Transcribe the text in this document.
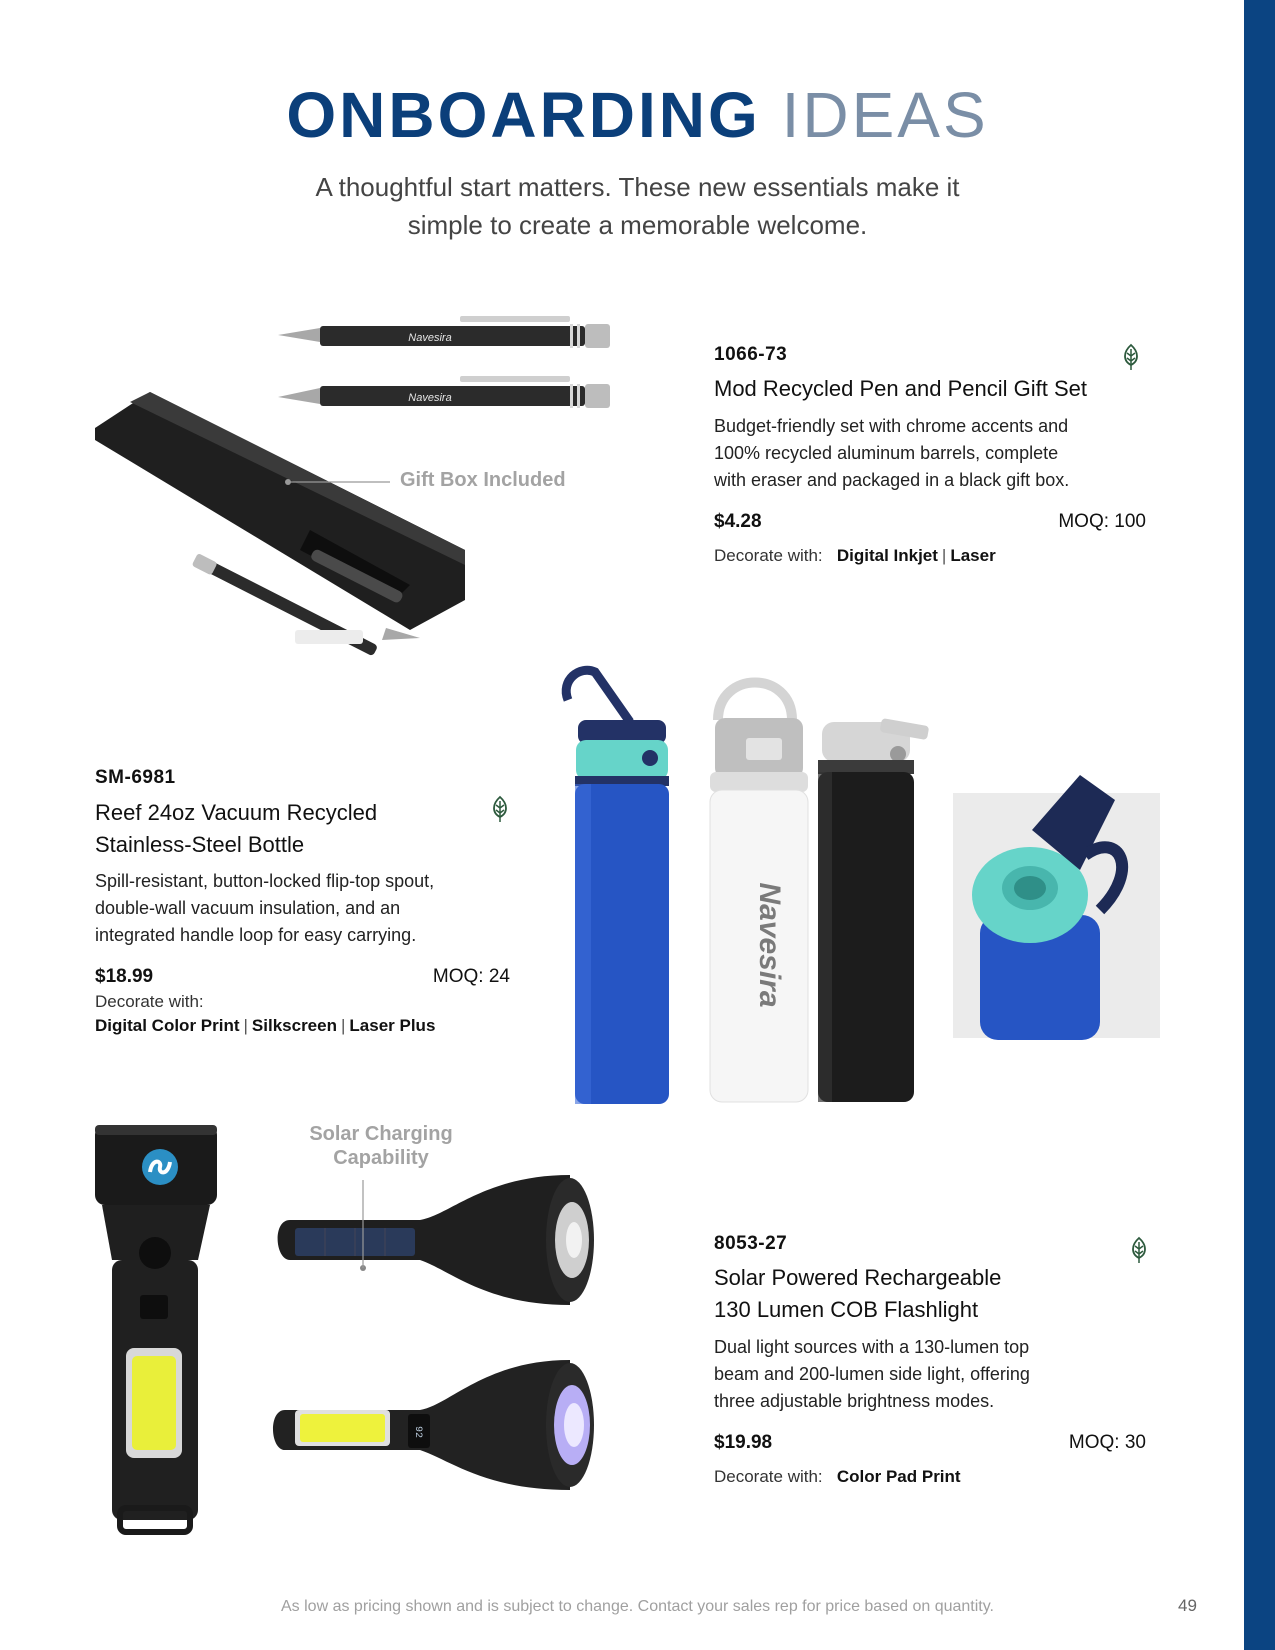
ONBOARDING IDEAS
A thoughtful start matters. These new essentials make it
simple to create a memorable welcome.
Navesira
Navesira
Gift Box Included
1066-73
Mod Recycled Pen and Pencil Gift Set
Budget-friendly set with chrome accents and
100% recycled aluminum barrels, complete
with eraser and packaged in a black gift box.
$4.28	MOQ: 100
Decorate with: Digital Inkjet | Laser
Navesira
SM-6981
Reef 24oz Vacuum Recycled
Stainless-Steel Bottle
Spill-resistant, button-locked flip-top spout,
double-wall vacuum insulation, and an
integrated handle loop for easy carrying.
$18.99	MOQ: 24
Decorate with:
Digital Color Print | Silkscreen | Laser Plus
92
Solar Charging
Capability
8053-27
Solar Powered Rechargeable
130 Lumen COB Flashlight
Dual light sources with a 130-lumen top
beam and 200-lumen side light, offering
three adjustable brightness modes.
$19.98	MOQ: 30
Decorate with: Color Pad Print
As low as pricing shown and is subject to change. Contact your sales rep for price based on quantity.	49
